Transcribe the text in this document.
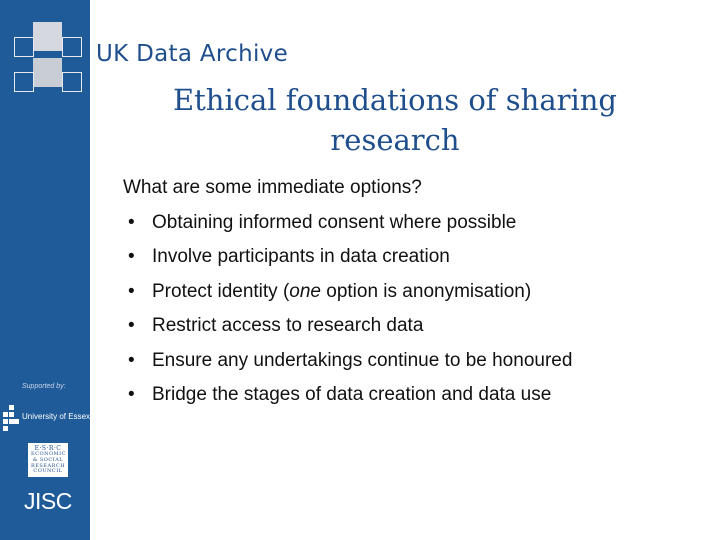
Supported by:
University of Essex
E·S·R·C
ECONOMIC
& SOCIAL
RESEARCH
COUNCIL
JISC
UK Data Archive
Ethical foundations of sharing
research
What are some immediate options?
• Obtaining informed consent where possible
• Involve participants in data creation
• Protect identity (one option is anonymisation)
• Restrict access to research data
• Ensure any undertakings continue to be honoured
• Bridge the stages of data creation and data use
